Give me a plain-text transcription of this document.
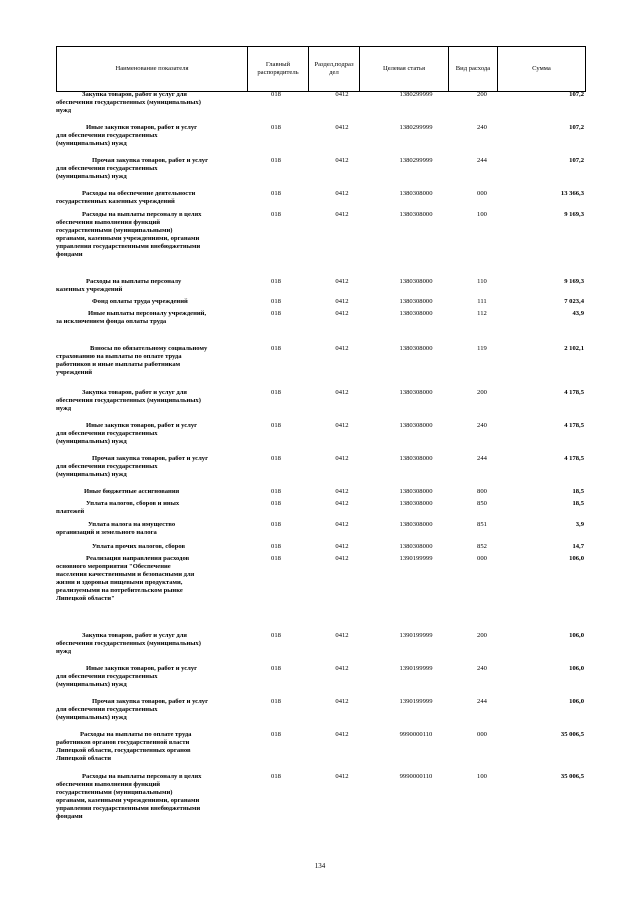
Наименование показателя	Главный распорядитель	Раздел,подраз дел	Целевая статья	Вид расхода	Сумма
Закупка товаров, работ и услуг для
обеспечения государственных (муниципальных)
нужд
018	0412	1380299999	200	107,2
Иные закупки товаров, работ и услуг
для обеспечения государственных
(муниципальных) нужд
018	0412	1380299999	240	107,2
Прочая закупка товаров, работ и услуг
для обеспечения государственных
(муниципальных) нужд
018	0412	1380299999	244	107,2
Расходы на обеспечение деятельности
государственных казенных учреждений
018	0412	1380308000	000	13 366,3
Расходы на выплаты персоналу в целях
обеспечения выполнения функций
государственными (муниципальными)
органами, казенными учреждениями, органами
управления государственными внебюджетными
фондами
018	0412	1380308000	100	9 169,3
Расходы на выплаты персоналу
казенных учреждений
018	0412	1380308000	110	9 169,3
Фонд оплаты труда учреждений	018	0412	1380308000	111	7 023,4
Иные выплаты персоналу учреждений,
за исключением фонда оплаты труда
018	0412	1380308000	112	43,9
Взносы по обязательному социальному
страхованию на выплаты по оплате труда
работников и иные выплаты работникам
учреждений
018	0412	1380308000	119	2 102,1
Закупка товаров, работ и услуг для
обеспечения государственных (муниципальных)
нужд
018	0412	1380308000	200	4 178,5
Иные закупки товаров, работ и услуг
для обеспечения государственных
(муниципальных) нужд
018	0412	1380308000	240	4 178,5
Прочая закупка товаров, работ и услуг
для обеспечения государственных
(муниципальных) нужд
018	0412	1380308000	244	4 178,5
Иные бюджетные ассигнования	018	0412	1380308000	800	18,5
Уплата налогов, сборов и иных
платежей
018	0412	1380308000	850	18,5
Уплата налога на имущество
организаций и земельного налога
018	0412	1380308000	851	3,9
Уплата прочих налогов, сборов	018	0412	1380308000	852	14,7
Реализация направления расходов
основного мероприятия "Обеспечение
населения качественными и безопасными для
жизни и здоровья пищевыми продуктами,
реализуемыми на потребительском рынке
Липецкой области"
018	0412	1390199999	000	106,0
Закупка товаров, работ и услуг для
обеспечения государственных (муниципальных)
нужд
018	0412	1390199999	200	106,0
Иные закупки товаров, работ и услуг
для обеспечения государственных
(муниципальных) нужд
018	0412	1390199999	240	106,0
Прочая закупка товаров, работ и услуг
для обеспечения государственных
(муниципальных) нужд
018	0412	1390199999	244	106,0
Расходы на выплаты по оплате труда
работников органов государственной власти
Липецкой области, государственных органов
Липецкой области
018	0412	9990000110	000	35 006,5
Расходы на выплаты персоналу в целях
обеспечения выполнения функций
государственными (муниципальными)
органами, казенными учреждениями, органами
управления государственными внебюджетными
фондами
018	0412	9990000110	100	35 006,5
134
